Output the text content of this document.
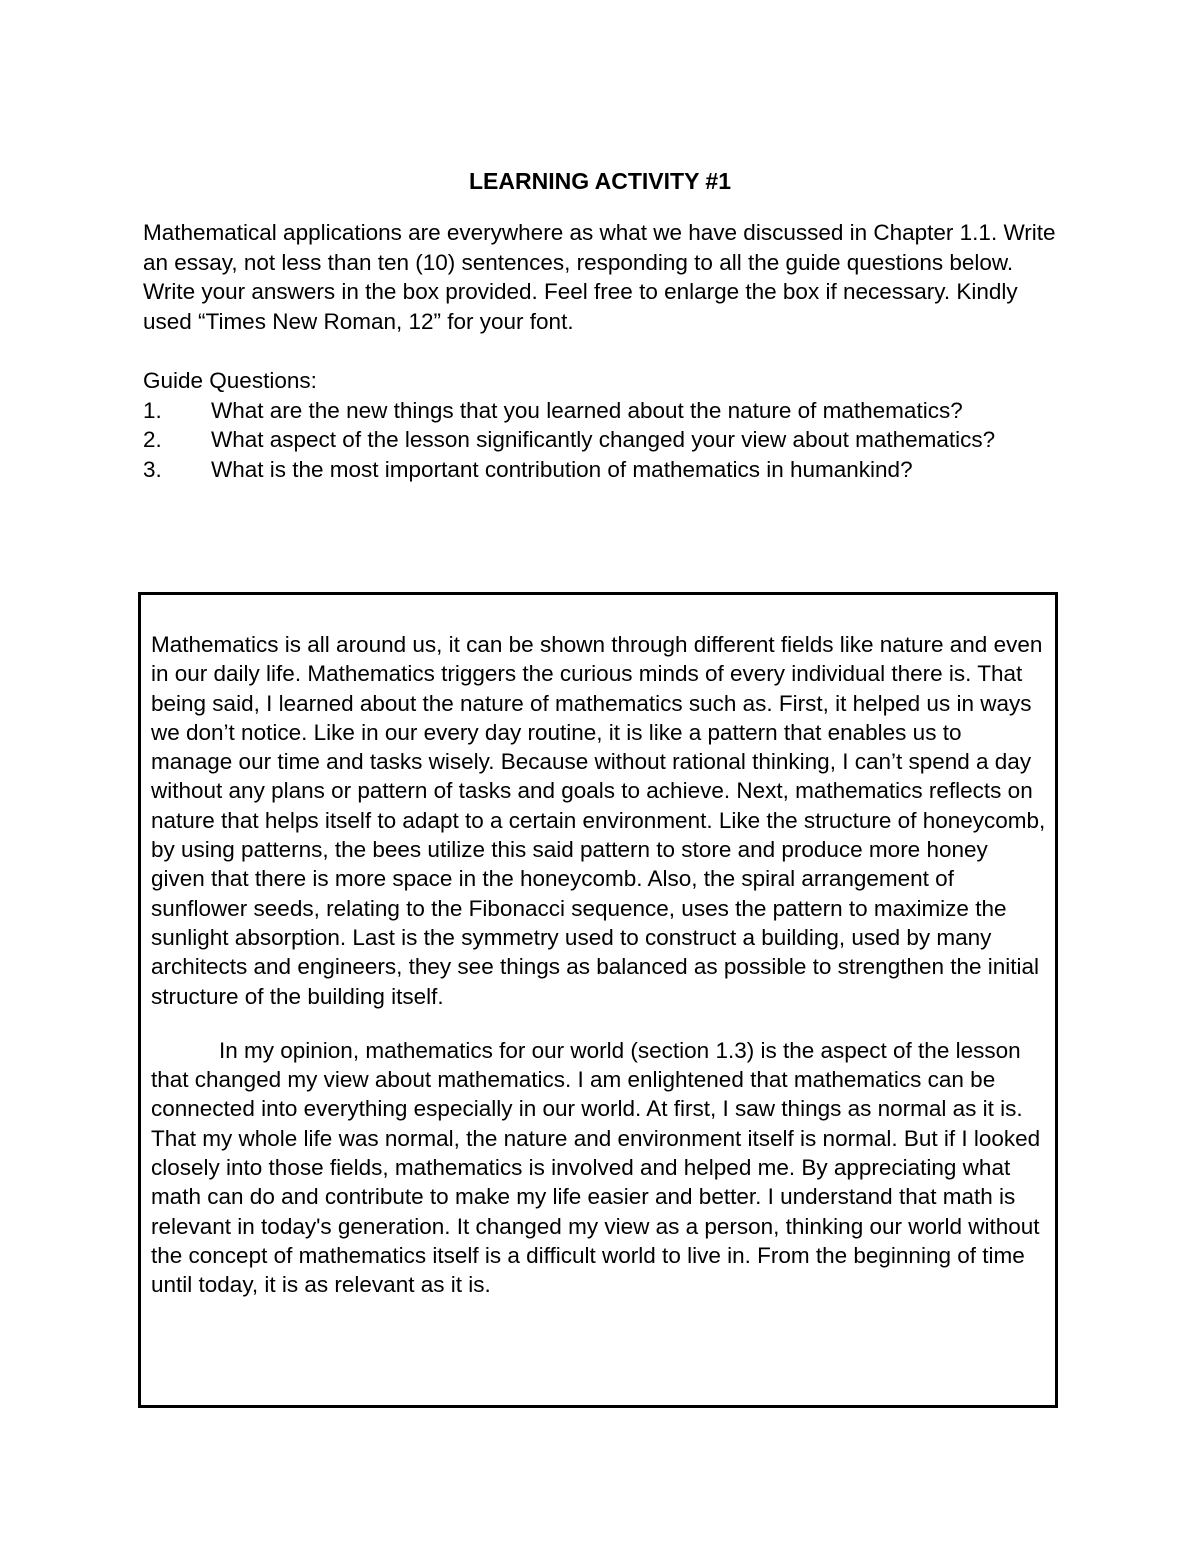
LEARNING ACTIVITY #1

Mathematical applications are everywhere as what we have discussed in Chapter 1.1. Write an essay, not less than ten (10) sentences, responding to all the guide questions below. Write your answers in the box provided. Feel free to enlarge the box if necessary. Kindly used “Times New Roman, 12” for your font.

Guide Questions:

1. What are the new things that you learned about the nature of mathematics?
2. What aspect of the lesson significantly changed your view about mathematics?
3. What is the most important contribution of mathematics in humankind?

Mathematics is all around us, it can be shown through different fields like nature and even in our daily life. Mathematics triggers the curious minds of every individual there is. That being said, I learned about the nature of mathematics such as. First, it helped us in ways we don’t notice. Like in our every day routine, it is like a pattern that enables us to manage our time and tasks wisely. Because without rational thinking, I can’t spend a day without any plans or pattern of tasks and goals to achieve. Next, mathematics reflects on nature that helps itself to adapt to a certain environment. Like the structure of honeycomb, by using patterns, the bees utilize this said pattern to store and produce more honey given that there is more space in the honeycomb. Also, the spiral arrangement of sunflower seeds, relating to the Fibonacci sequence, uses the pattern to maximize the sunlight absorption. Last is the symmetry used to construct a building, used by many architects and engineers, they see things as balanced as possible to strengthen the initial structure of the building itself.

In my opinion, mathematics for our world (section 1.3) is the aspect of the lesson that changed my view about mathematics. I am enlightened that mathematics can be connected into everything especially in our world. At first, I saw things as normal as it is. That my whole life was normal, the nature and environment itself is normal. But if I looked closely into those fields, mathematics is involved and helped me. By appreciating what math can do and contribute to make my life easier and better. I understand that math is relevant in today's generation. It changed my view as a person, thinking our world without the concept of mathematics itself is a difficult world to live in. From the beginning of time until today, it is as relevant as it is.
